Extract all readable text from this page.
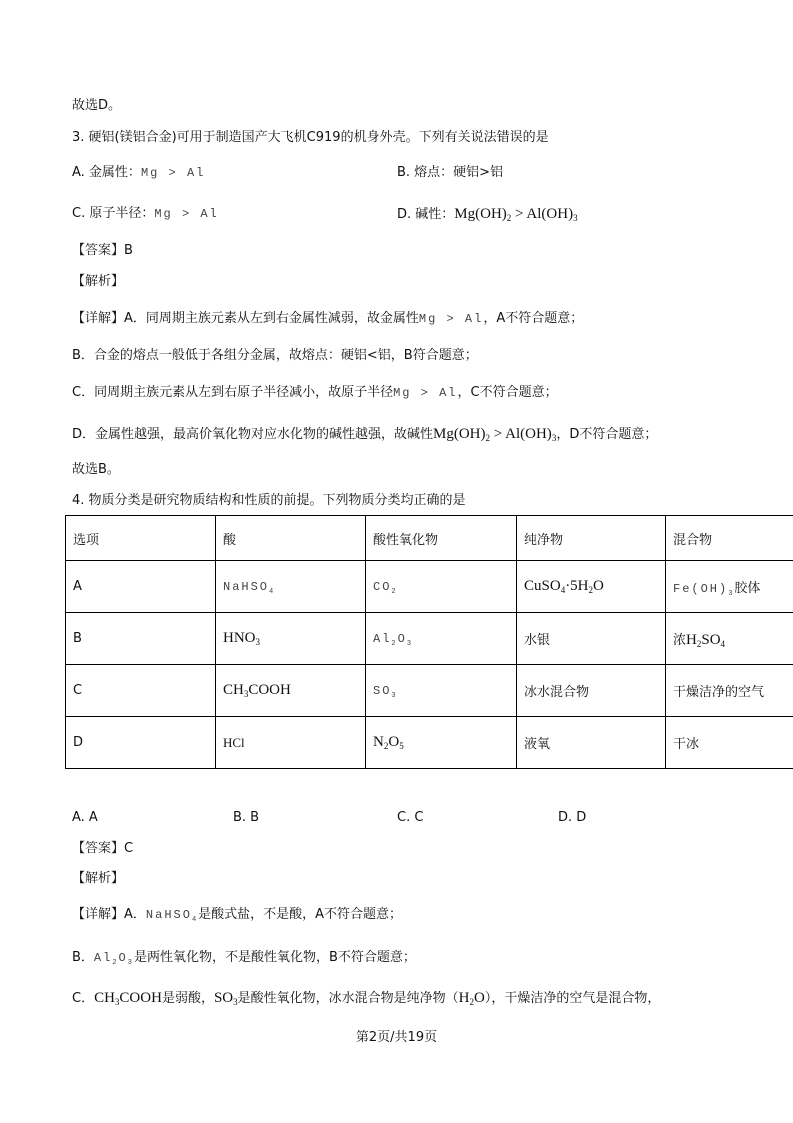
故选D。
3. 硬铝(镁铝合金)可用于制造国产大飞机C919的机身外壳。下列有关说法错误的是
A. 金属性：Mg > Al	B. 熔点：硬铝>铝
C. 原子半径：Mg > Al	D. 碱性：$Mg(OH)_2 > Al(OH)_3$
【答案】B
【解析】
【详解】A．同周期主族元素从左到右金属性减弱，故金属性Mg > Al，A不符合题意；
B．合金的熔点一般低于各组分金属，故熔点：硬铝<铝，B符合题意；
C．同周期主族元素从左到右原子半径减小，故原子半径Mg > Al，C不符合题意；
D．金属性越强，最高价氧化物对应水化物的碱性越强，故碱性$Mg(OH)_2 > Al(OH)_3$，D不符合题意；
故选B。
4. 物质分类是研究物质结构和性质的前提。下列物质分类均正确的是
选项	酸	酸性氧化物	纯净物	混合物
A	NaHSO$_4$	$CO_2$	$CuSO_4\cdot 5H_2O$	$Fe(OH)_3$胶体
B	$HNO_3$	$Al_2O_3$	水银	浓$H_2SO_4$
C	$CH_3COOH$	$SO_3$	冰水混合物	干燥洁净的空气
D	HCl	$N_2O_5$	液氧	干冰
A. A	B. B	C. C	D. D
【答案】C
【解析】
【详解】A．NaHSO$_4$是酸式盐，不是酸，A不符合题意；
B．$Al_2O_3$是两性氧化物，不是酸性氧化物，B不符合题意；
C．$CH_3COOH$是弱酸，$SO_3$是酸性氧化物，冰水混合物是纯净物$(H_2O)$，干燥洁净的空气是混合物，
第2页/共19页
